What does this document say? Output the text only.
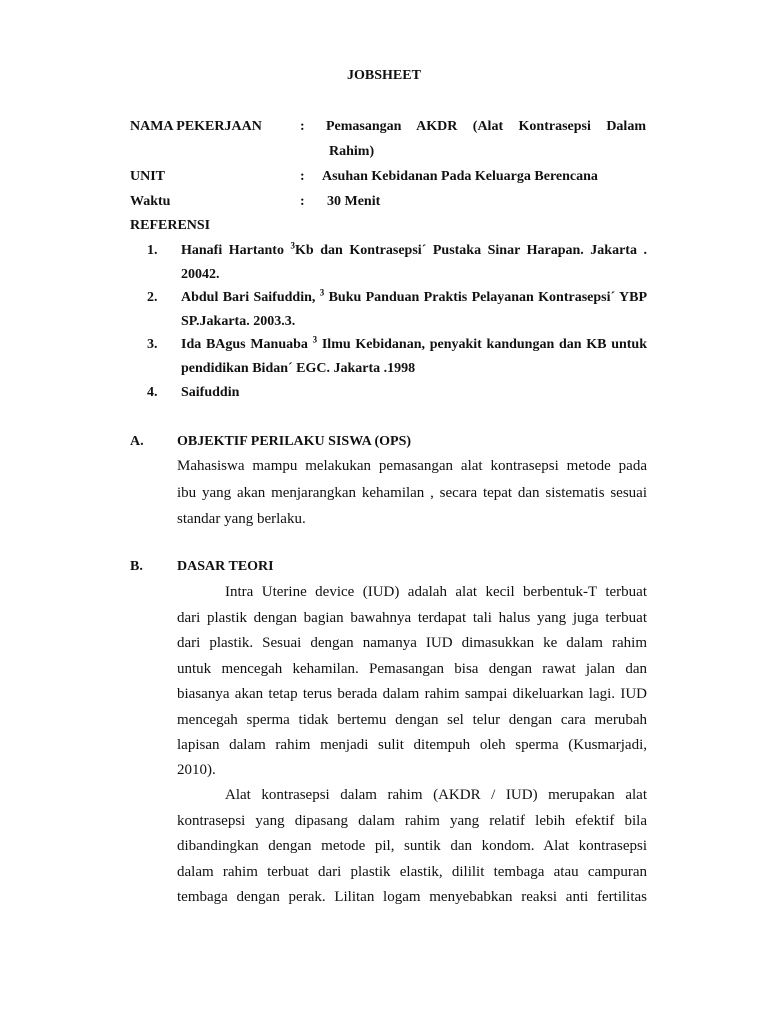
JOBSHEET
NAMA PEKERJAAN	: Pemasangan AKDR (Alat Kontrasepsi Dalam
Rahim)
UNIT	: Asuhan Kebidanan Pada Keluarga Berencana
Waktu	: 30 Menit
REFERENSI
1. Hanafi Hartanto $^3$Kb dan Kontrasepsi´ Pustaka Sinar Harapan. Jakarta .
20042.
2. Abdul Bari Saifuddin, $^3$ Buku Panduan Praktis Pelayanan Kontrasepsi´ YBP
SP.Jakarta. 2003.3.
3. Ida BAgus Manuaba $^3$ Ilmu Kebidanan, penyakit kandungan dan KB untuk
pendidikan Bidan´ EGC. Jakarta .1998
4. Saifuddin
A. OBJEKTIF PERILAKU SISWA (OPS)
Mahasiswa mampu melakukan pemasangan alat kontrasepsi metode pada
ibu yang akan menjarangkan kehamilan , secara tepat dan sistematis sesuai
standar yang berlaku.
B. DASAR TEORI
Intra Uterine device (IUD) adalah alat kecil berbentuk-T terbuat
dari plastik dengan bagian bawahnya terdapat tali halus yang juga terbuat
dari plastik. Sesuai dengan namanya IUD dimasukkan ke dalam rahim
untuk mencegah kehamilan. Pemasangan bisa dengan rawat jalan dan
biasanya akan tetap terus berada dalam rahim sampai dikeluarkan lagi. IUD
mencegah sperma tidak bertemu dengan sel telur dengan cara merubah
lapisan dalam rahim menjadi sulit ditempuh oleh sperma (Kusmarjadi,
2010).
Alat kontrasepsi dalam rahim (AKDR / IUD) merupakan alat
kontrasepsi yang dipasang dalam rahim yang relatif lebih efektif bila
dibandingkan dengan metode pil, suntik dan kondom. Alat kontrasepsi
dalam rahim terbuat dari plastik elastik, dililit tembaga atau campuran
tembaga dengan perak. Lilitan logam menyebabkan reaksi anti fertilitas
